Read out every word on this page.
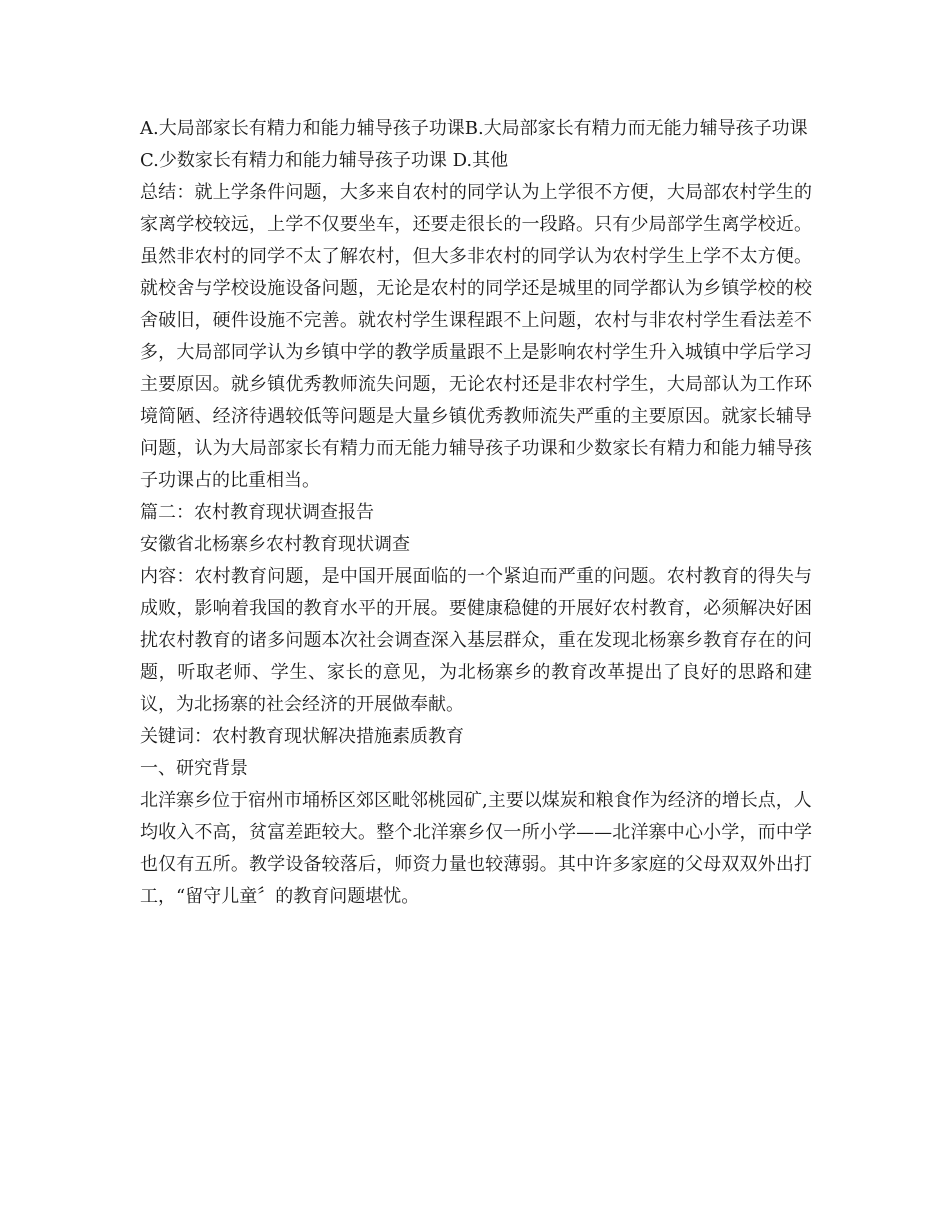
A.大局部家长有精力和能力辅导孩子功课B.大局部家长有精力而无能力辅导孩子功课

C.少数家长有精力和能力辅导孩子功课 D.其他

总结：就上学条件问题，大多来自农村的同学认为上学很不方便，大局部农村学生的家离学校较远，上学不仅要坐车，还要走很长的一段路。只有少局部学生离学校近。虽然非农村的同学不太了解农村，但大多非农村的同学认为农村学生上学不太方便。就校舍与学校设施设备问题，无论是农村的同学还是城里的同学都认为乡镇学校的校舍破旧，硬件设施不完善。就农村学生课程跟不上问题，农村与非农村学生看法差不多，大局部同学认为乡镇中学的教学质量跟不上是影响农村学生升入城镇中学后学习主要原因。就乡镇优秀教师流失问题，无论农村还是非农村学生，大局部认为工作环境简陋、经济待遇较低等问题是大量乡镇优秀教师流失严重的主要原因。就家长辅导问题，认为大局部家长有精力而无能力辅导孩子功课和少数家长有精力和能力辅导孩子功课占的比重相当。

篇二：农村教育现状调查报告

安徽省北杨寨乡农村教育现状调查

内容：农村教育问题，是中国开展面临的一个紧迫而严重的问题。农村教育的得失与成败，影响着我国的教育水平的开展。要健康稳健的开展好农村教育，必须解决好困扰农村教育的诸多问题本次社会调查深入基层群众，重在发现北杨寨乡教育存在的问题，听取老师、学生、家长的意见，为北杨寨乡的教育改革提出了良好的思路和建议，为北扬寨的社会经济的开展做奉献。

关键词：农村教育现状解决措施素质教育

一、研究背景

北洋寨乡位于宿州市埇桥区郊区毗邻桃园矿,主要以煤炭和粮食作为经济的增长点，人

均收入不高，贫富差距较大。整个北洋寨乡仅一所小学——北洋寨中心小学，而中学也仅有五所。教学设备较落后，师资力量也较薄弱。其中许多家庭的父母双双外出打工，“留守儿童〞的教育问题堪忧。
